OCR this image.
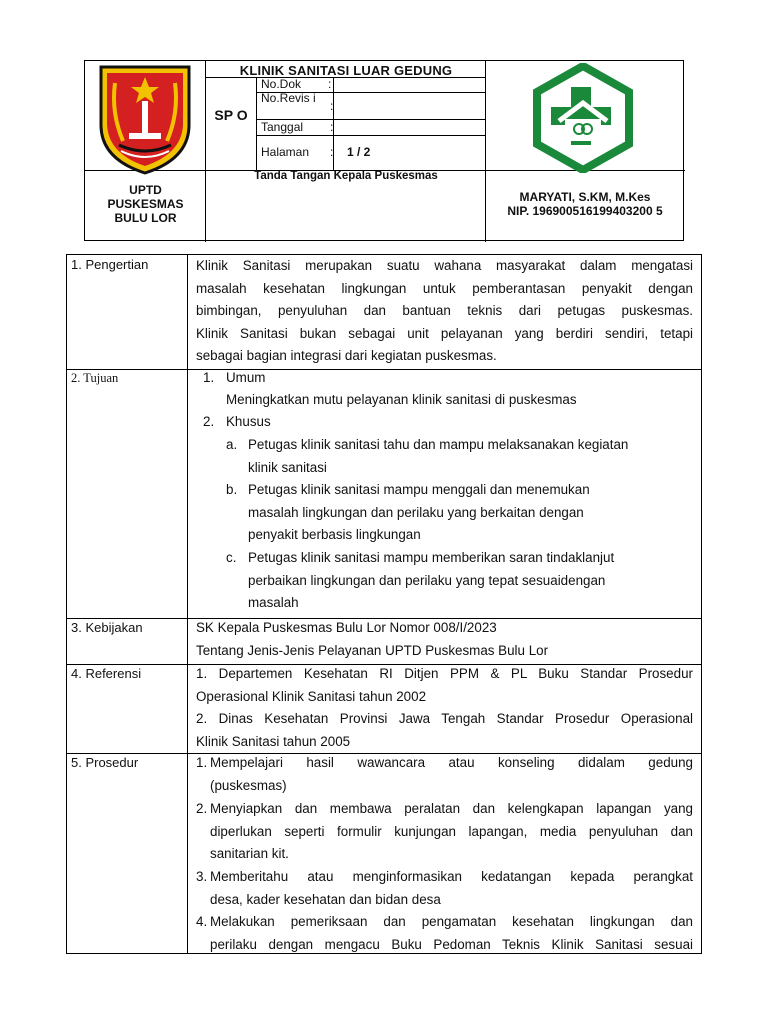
KLINIK SANITASI LUAR GEDUNG
SP O
No.Dok :
No.Revis i
:
Tanggal :
Halaman : 1 / 2
UPTD
PUSKESMAS
BULU LOR
Tanda Tangan Kepala Puskesmas
MARYATI, S.KM, M.Kes
NIP. 196900516199403200 5
1. Pengertian	Klinik Sanitasi merupakan suatu wahana masyarakat dalam mengatasi
masalah kesehatan lingkungan untuk pemberantasan penyakit dengan
bimbingan, penyuluhan dan bantuan teknis dari petugas puskesmas.
Klinik Sanitasi bukan sebagai unit pelayanan yang berdiri sendiri, tetapi
sebagai bagian integrasi dari kegiatan puskesmas.
2. Tujuan	1. Umum
Meningkatkan mutu pelayanan klinik sanitasi di puskesmas
2. Khusus
a. Petugas klinik sanitasi tahu dan mampu melaksanakan kegiatan
klinik sanitasi
b. Petugas klinik sanitasi mampu menggali dan menemukan
masalah lingkungan dan perilaku yang berkaitan dengan
penyakit berbasis lingkungan
c. Petugas klinik sanitasi mampu memberikan saran tindaklanjut
perbaikan lingkungan dan perilaku yang tepat sesuaidengan
masalah
3. Kebijakan	SK Kepala Puskesmas Bulu Lor Nomor 008/I/2023
Tentang Jenis-Jenis Pelayanan UPTD Puskesmas Bulu Lor
4. Referensi	1. Departemen Kesehatan RI Ditjen PPM & PL Buku Standar Prosedur
Operasional Klinik Sanitasi tahun 2002
2. Dinas Kesehatan Provinsi Jawa Tengah Standar Prosedur Operasional
Klinik Sanitasi tahun 2005
5. Prosedur	1. Mempelajari hasil wawancara atau konseling didalam gedung
(puskesmas)
2. Menyiapkan dan membawa peralatan dan kelengkapan lapangan yang
diperlukan seperti formulir kunjungan lapangan, media penyuluhan dan
sanitarian kit.
3. Memberitahu atau menginformasikan kedatangan kepada perangkat
desa, kader kesehatan dan bidan desa
4. Melakukan pemeriksaan dan pengamatan kesehatan lingkungan dan
perilaku dengan mengacu Buku Pedoman Teknis Klinik Sanitasi sesuai
